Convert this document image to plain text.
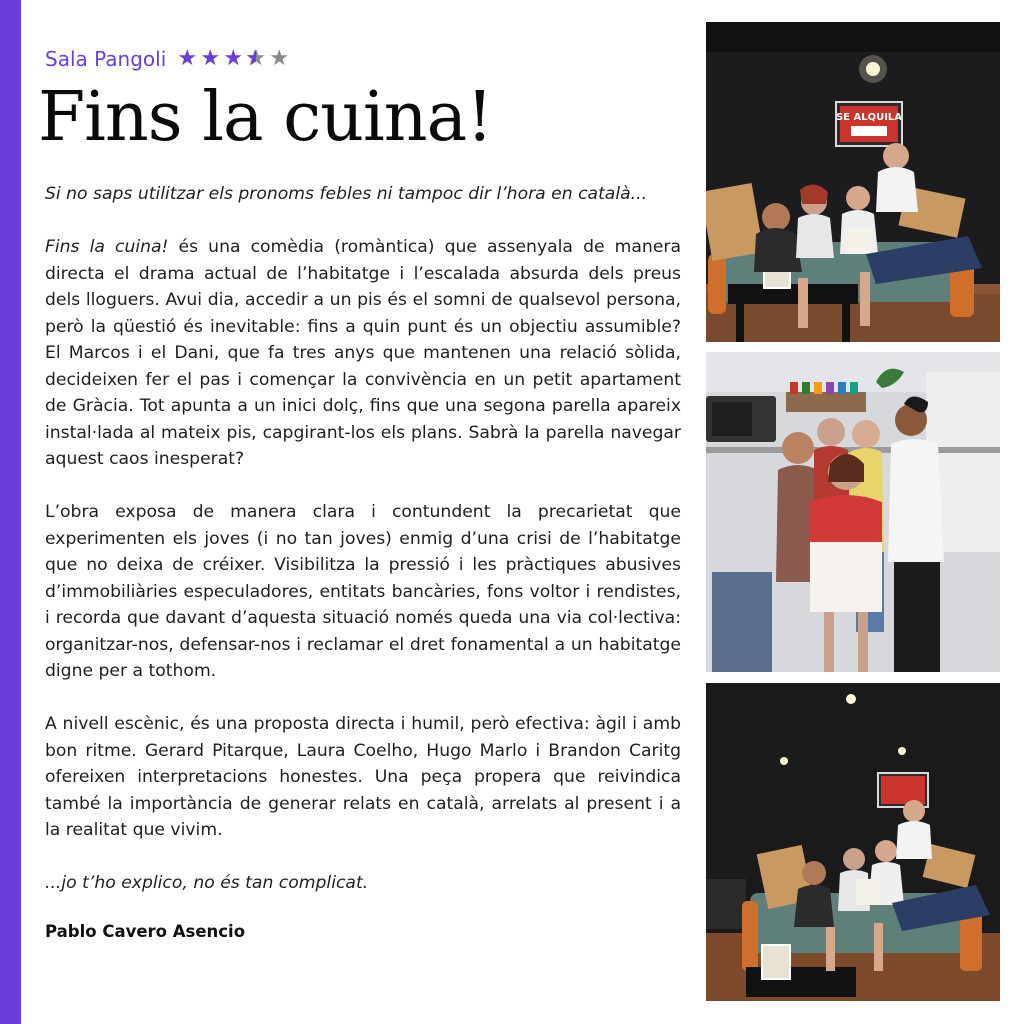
Sala Pangoli ★ ★ ★
★ ★ ★
Fins la cuina!

Si no saps utilitzar els pronoms febles ni tampoc dir l’hora en català...

Fins la cuina! és una comèdia (romàntica) que assenyala de manera directa el drama actual de l’habitatge i l’escalada absurda dels preus dels lloguers. Avui dia, accedir a un pis és el somni de qualsevol persona, però la qüestió és inevitable: fins a quin punt és un objectiu assumible? El Marcos i el Dani, que fa tres anys que mantenen una relació sòlida, decideixen fer el pas i començar la convivència en un petit apartament de Gràcia. Tot apunta a un inici dolç, fins que una segona parella apareix instal·lada al mateix pis, capgirant-los els plans. Sabrà la parella navegar aquest caos inesperat?

L’obra exposa de manera clara i contundent la precarietat que experimenten els joves (i no tan joves) enmig d’una crisi de l’habitatge que no deixa de créixer. Visibilitza la pressió i les pràctiques abusives d’immobiliàries especuladores, entitats bancàries, fons voltor i rendistes, i recorda que davant d’aquesta situació només queda una via col·lectiva: organitzar-nos, defensar-nos i reclamar el dret fonamental a un habitatge digne per a tothom.

A nivell escènic, és una proposta directa i humil, però efectiva: àgil i amb bon ritme. Gerard Pitarque, Laura Coelho, Hugo Marlo i Brandon Caritg ofereixen interpretacions honestes. Una peça propera que reivindica també la importància de generar relats en català, arrelats al present i a la realitat que vivim.

...jo t’ho explico, no és tan complicat.

Pablo Cavero Asencio
SE ALQUILA
